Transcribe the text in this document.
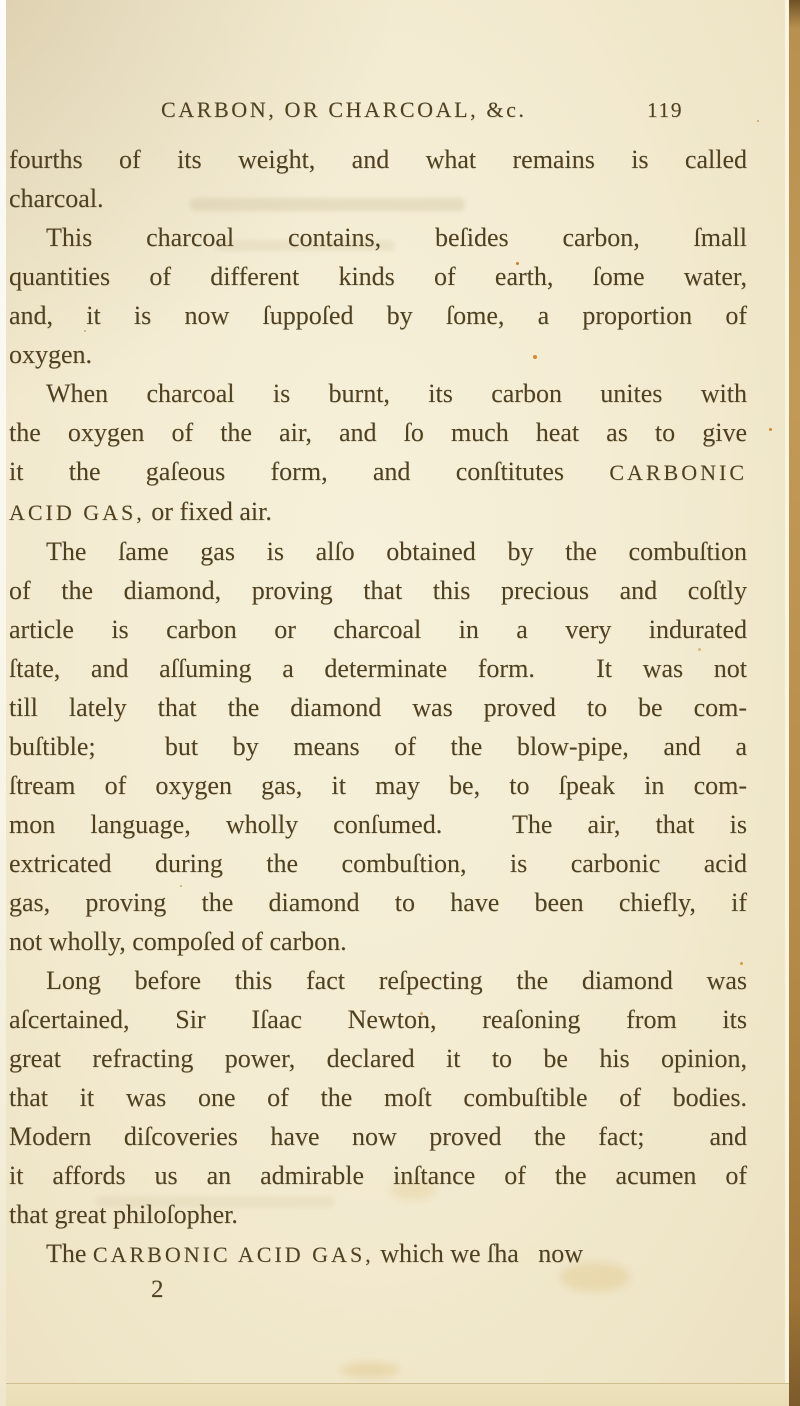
CARBON, OR CHARCOAL, &c.	119
fourths of its weight, and what remains is called
charcoal.
This charcoal contains, beſides carbon, ſmall
quantities of different kinds of earth, ſome water,
and, it is now ſuppoſed by ſome, a proportion of
oxygen.
When charcoal is burnt, its carbon unites with
the oxygen of the air, and ſo much heat as to give
it the gaſeous form, and conſtitutes CARBONIC
ACID GAS, or fixed air.
The ſame gas is alſo obtained by the combuſtion
of the diamond, proving that this precious and coſtly
article is carbon or charcoal in a very indurated
ſtate, and aſſuming a determinate form.  It was not
till lately that the diamond was proved to be com-
buſtible;  but by means of the blow-pipe, and a
ſtream of oxygen gas, it may be, to ſpeak in com-
mon language, wholly conſumed.  The air, that is
extricated during the combuſtion, is carbonic acid
gas, proving the diamond to have been chiefly, if
not wholly, compoſed of carbon.
Long before this fact reſpecting the diamond was
aſcertained, Sir Iſaac Newton, reaſoning from its
great refracting power, declared it to be his opinion,
that it was one of the moſt combuſtible of bodies.
Modern diſcoveries have now proved the fact;  and
it affords us an admirable inſtance of the acumen of
that great philoſopher.
The CARBONIC ACID GAS, which we ſha   now
2
